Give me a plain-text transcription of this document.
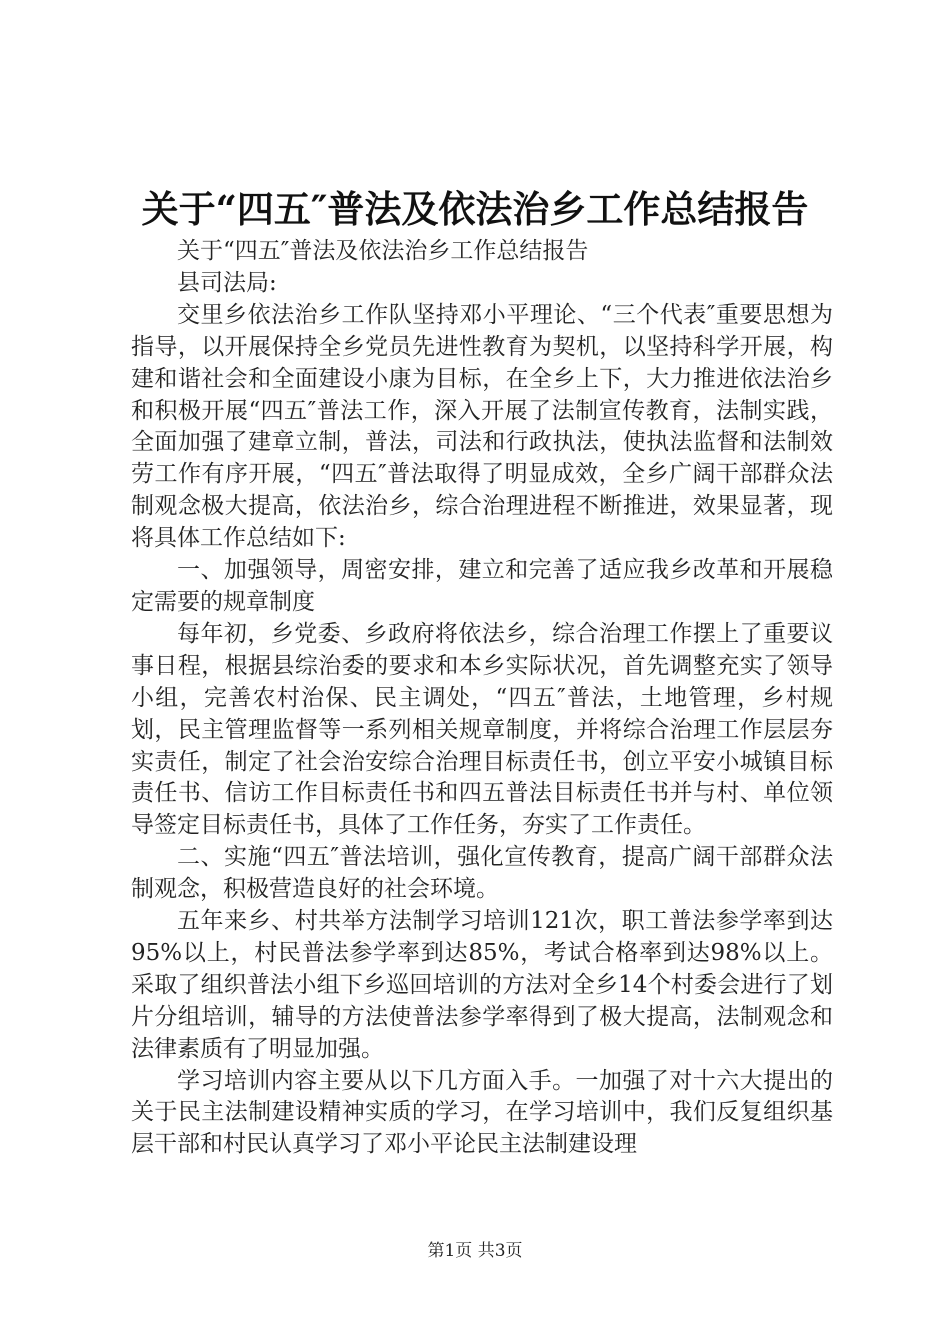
关于“四五″普法及依法治乡工作总结报告

关于“四五″普法及依法治乡工作总结报告

县司法局:

交里乡依法治乡工作队坚持邓小平理论、“三个代表″重要思想为指导，以开展保持全乡党员先进性教育为契机，以坚持科学开展，构建和谐社会和全面建设小康为目标，在全乡上下，大力推进依法治乡和积极开展“四五″普法工作，深入开展了法制宣传教育，法制实践，全面加强了建章立制，普法，司法和行政执法，使执法监督和法制效劳工作有序开展，“四五″普法取得了明显成效，全乡广阔干部群众法制观念极大提高，依法治乡，综合治理进程不断推进，效果显著，现将具体工作总结如下:

一、加强领导，周密安排，建立和完善了适应我乡改革和开展稳定需要的规章制度

每年初，乡党委、乡政府将依法乡，综合治理工作摆上了重要议事日程，根据县综治委的要求和本乡实际状况，首先调整充实了领导小组，完善农村治保、民主调处，“四五″普法，土地管理，乡村规划，民主管理监督等一系列相关规章制度，并将综合治理工作层层夯实责任，制定了社会治安综合治理目标责任书，创立平安小城镇目标责任书、信访工作目标责任书和四五普法目标责任书并与村、单位领导签定目标责任书，具体了工作任务，夯实了工作责任。

二、实施“四五″普法培训，强化宣传教育，提高广阔干部群众法制观念，积极营造良好的社会环境。

五年来乡、村共举方法制学习培训121次，职工普法参学率到达95%以上，村民普法参学率到达85%，考试合格率到达98%以上。采取了组织普法小组下乡巡回培训的方法对全乡14个村委会进行了划片分组培训，辅导的方法使普法参学率得到了极大提高，法制观念和法律素质有了明显加强。

学习培训内容主要从以下几方面入手。一加强了对十六大提出的关于民主法制建设精神实质的学习，在学习培训中，我们反复组织基层干部和村民认真学习了邓小平论民主法制建设理

第1页 共3页
